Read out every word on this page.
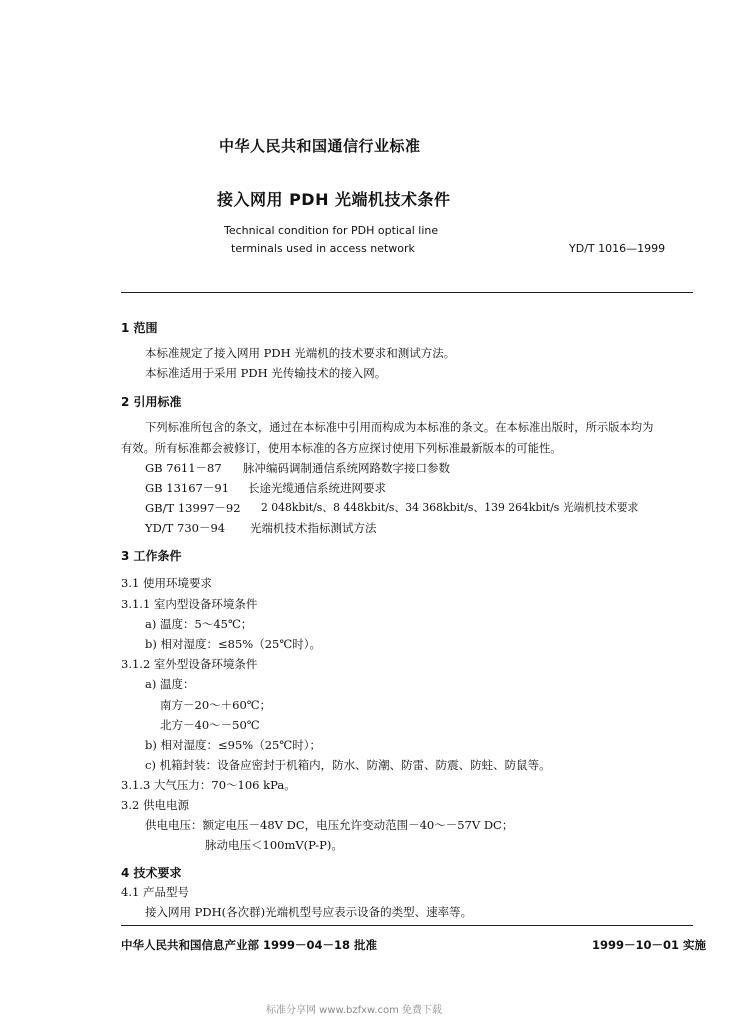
中华人民共和国通信行业标准
接入网用 PDH 光端机技术条件
Technical condition for PDH optical line
terminals used in access network	YD/T 1016—1999
1 范围
本标准规定了接入网用 PDH 光端机的技术要求和测试方法。
本标准适用于采用 PDH 光传输技术的接入网。
2 引用标准
下列标准所包含的条文，通过在本标准中引用而构成为本标准的条文。在本标准出版时，所示版本均为
有效。所有标准都会被修订，使用本标准的各方应探讨使用下列标准最新版本的可能性。
GB 7611－87 脉冲编码调制通信系统网路数字接口参数
GB 13167－91 长途光缆通信系统进网要求
GB/T 13997－92 2 048kbit/s、8 448kbit/s、34 368kbit/s、139 264kbit/s 光端机技术要求
YD/T 730－94 光端机技术指标测试方法
3 工作条件
3.1 使用环境要求
3.1.1 室内型设备环境条件
a) 温度：5～45℃；
b) 相对湿度：≤85%（25℃时）。
3.1.2 室外型设备环境条件
a) 温度：
南方－20～＋60℃；
北方－40～－50℃
b) 相对湿度：≤95%（25℃时）；
c) 机箱封装：设备应密封于机箱内，防水、防潮、防雷、防震、防蛀、防鼠等。
3.1.3 大气压力：70～106 kPa。
3.2 供电电源
供电电压：额定电压－48V DC，电压允许变动范围－40～－57V DC；
脉动电压＜100mV(P-P)。
4 技术要求
4.1 产品型号
接入网用 PDH(各次群)光端机型号应表示设备的类型、速率等。
中华人民共和国信息产业部 1999－04－18 批准	1999－10－01 实施
标准分享网 www.bzfxw.com 免费下载
